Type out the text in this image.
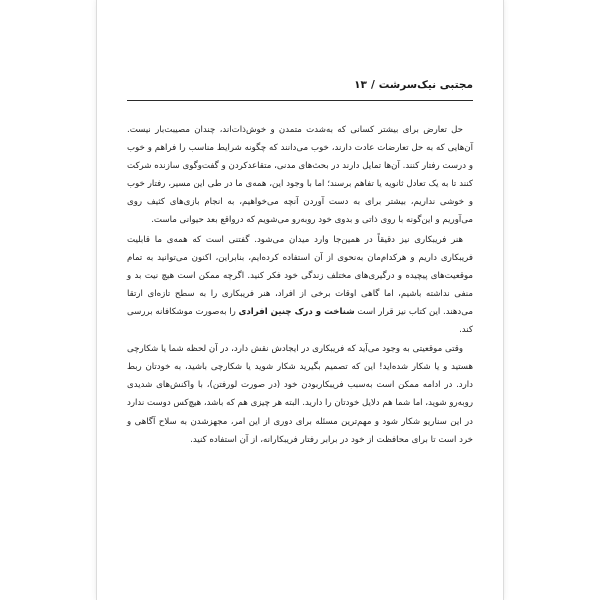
مجتبی نیک‌سرشت/۱۳

حل تعارض برای بیشتر کسانی که به‌شدت متمدن و خوش‌ذات‌اند، چندان مصیبت‌بار نیست. آن‌هایی که به حل تعارضات عادت دارند، خوب می‌دانند که چگونه شرایط مناسب را فراهم و خوب و درست رفتار کنند. آن‌ها تمایل دارند در بحث‌های مدنی، متقاعدکردن و گفت‌وگوی سازنده شرکت کنند تا به یک تعادل ثانویه یا تفاهم برسند؛ اما با وجود این، همه‌ی ما در طی این مسیر، رفتار خوب و خوشی نداریم، بیشتر برای به دست آوردن آنچه می‌خواهیم، به انجام بازی‌های کثیف روی می‌آوریم و این‌گونه با روی ذاتی و بدوی خود روبه‌رو می‌شویم که درواقع بعد حیوانی ماست.

هنر فریبکاری نیز دقیقاً در همین‌جا وارد میدان می‌شود. گفتنی است که همه‌ی ما قابلیت فریبکاری داریم و هرکدام‌مان به‌نحوی از آن استفاده کرده‌ایم، بنابراین، اکنون می‌توانید به تمام موقعیت‌های پیچیده و درگیری‌های مختلف زندگی خود فکر کنید. اگرچه ممکن است هیچ نیت بد و منفی نداشته باشیم، اما گاهی اوقات برخی از افراد، هنر فریبکاری را به سطح تازه‌ای ارتقا می‌دهند. این کتاب نیز قرار است شناخت و درک چنین افرادی را به‌صورت موشکافانه بررسی کند.

وقتی موقعیتی به وجود می‌آید که فریبکاری در ایجادش نقش دارد، در آن لحظه شما یا شکارچی هستید و یا شکار شده‌اید! این که تصمیم بگیرید شکار شوید یا شکارچی باشید، به خودتان ربط دارد. در ادامه ممکن است به‌سبب فریبکاربودن خود (در صورت لورفتن)، با واکنش‌های شدیدی روبه‌رو شوید، اما شما هم دلایل خودتان را دارید. البته هر چیزی هم که باشد، هیچ‌کس دوست ندارد در این سناریو شکار شود و مهم‌ترین مسئله برای دوری از این امر، مجهزشدن به سلاح آگاهی و خرد است تا برای محافظت از خود در برابر رفتار فریبکارانه، از آن استفاده کنید.
